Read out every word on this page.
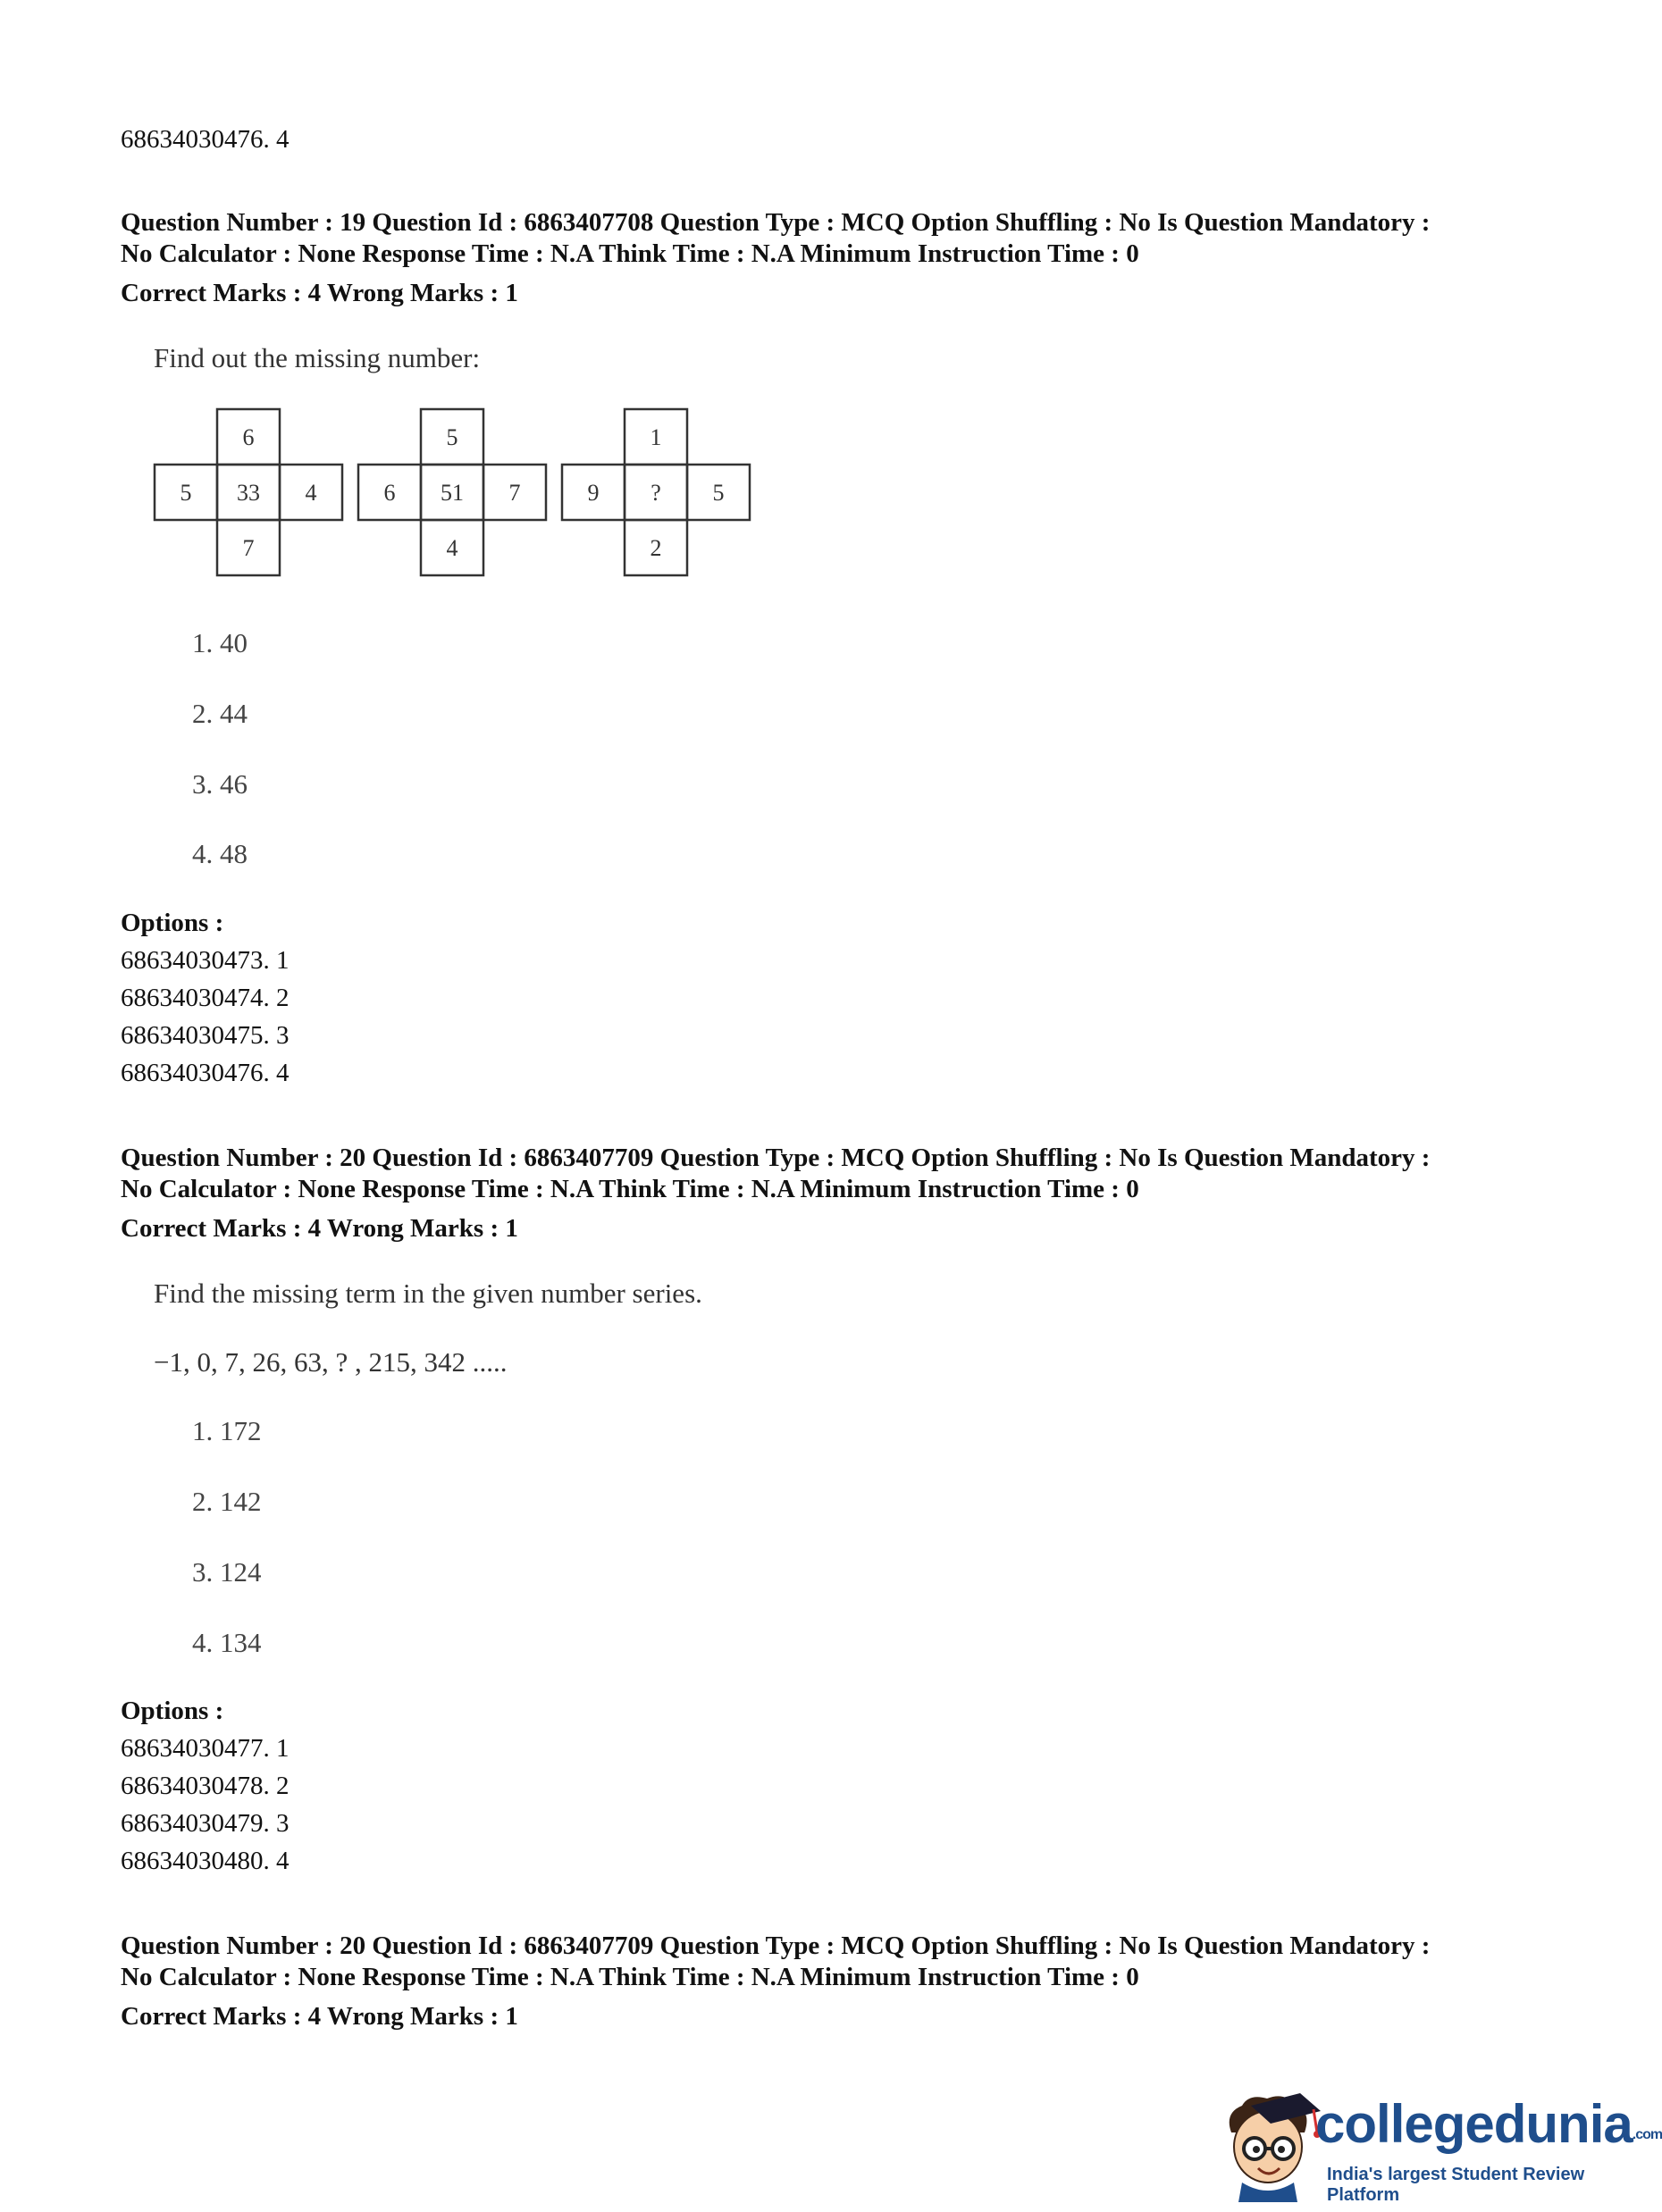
68634030476. 4
Question Number : 19 Question Id : 6863407708 Question Type : MCQ Option Shuffling : No Is Question Mandatory :
No Calculator : None Response Time : N.A Think Time : N.A Minimum Instruction Time : 0
Correct Marks : 4 Wrong Marks : 1
Find out the missing number:
6
5 33 4
7
5
6 51 7
4
1
9 ? 5
2
1. 40
2. 44
3. 46
4. 48
Options :
68634030473. 1
68634030474. 2
68634030475. 3
68634030476. 4
Question Number : 20 Question Id : 6863407709 Question Type : MCQ Option Shuffling : No Is Question Mandatory :
No Calculator : None Response Time : N.A Think Time : N.A Minimum Instruction Time : 0
Correct Marks : 4 Wrong Marks : 1
Find the missing term in the given number series.
−1, 0, 7, 26, 63, ? , 215, 342 .....
1. 172
2. 142
3. 124
4. 134
Options :
68634030477. 1
68634030478. 2
68634030479. 3
68634030480. 4
Question Number : 20 Question Id : 6863407709 Question Type : MCQ Option Shuffling : No Is Question Mandatory :
No Calculator : None Response Time : N.A Think Time : N.A Minimum Instruction Time : 0
Correct Marks : 4 Wrong Marks : 1
collegedunia.com
India's largest Student Review Platform
